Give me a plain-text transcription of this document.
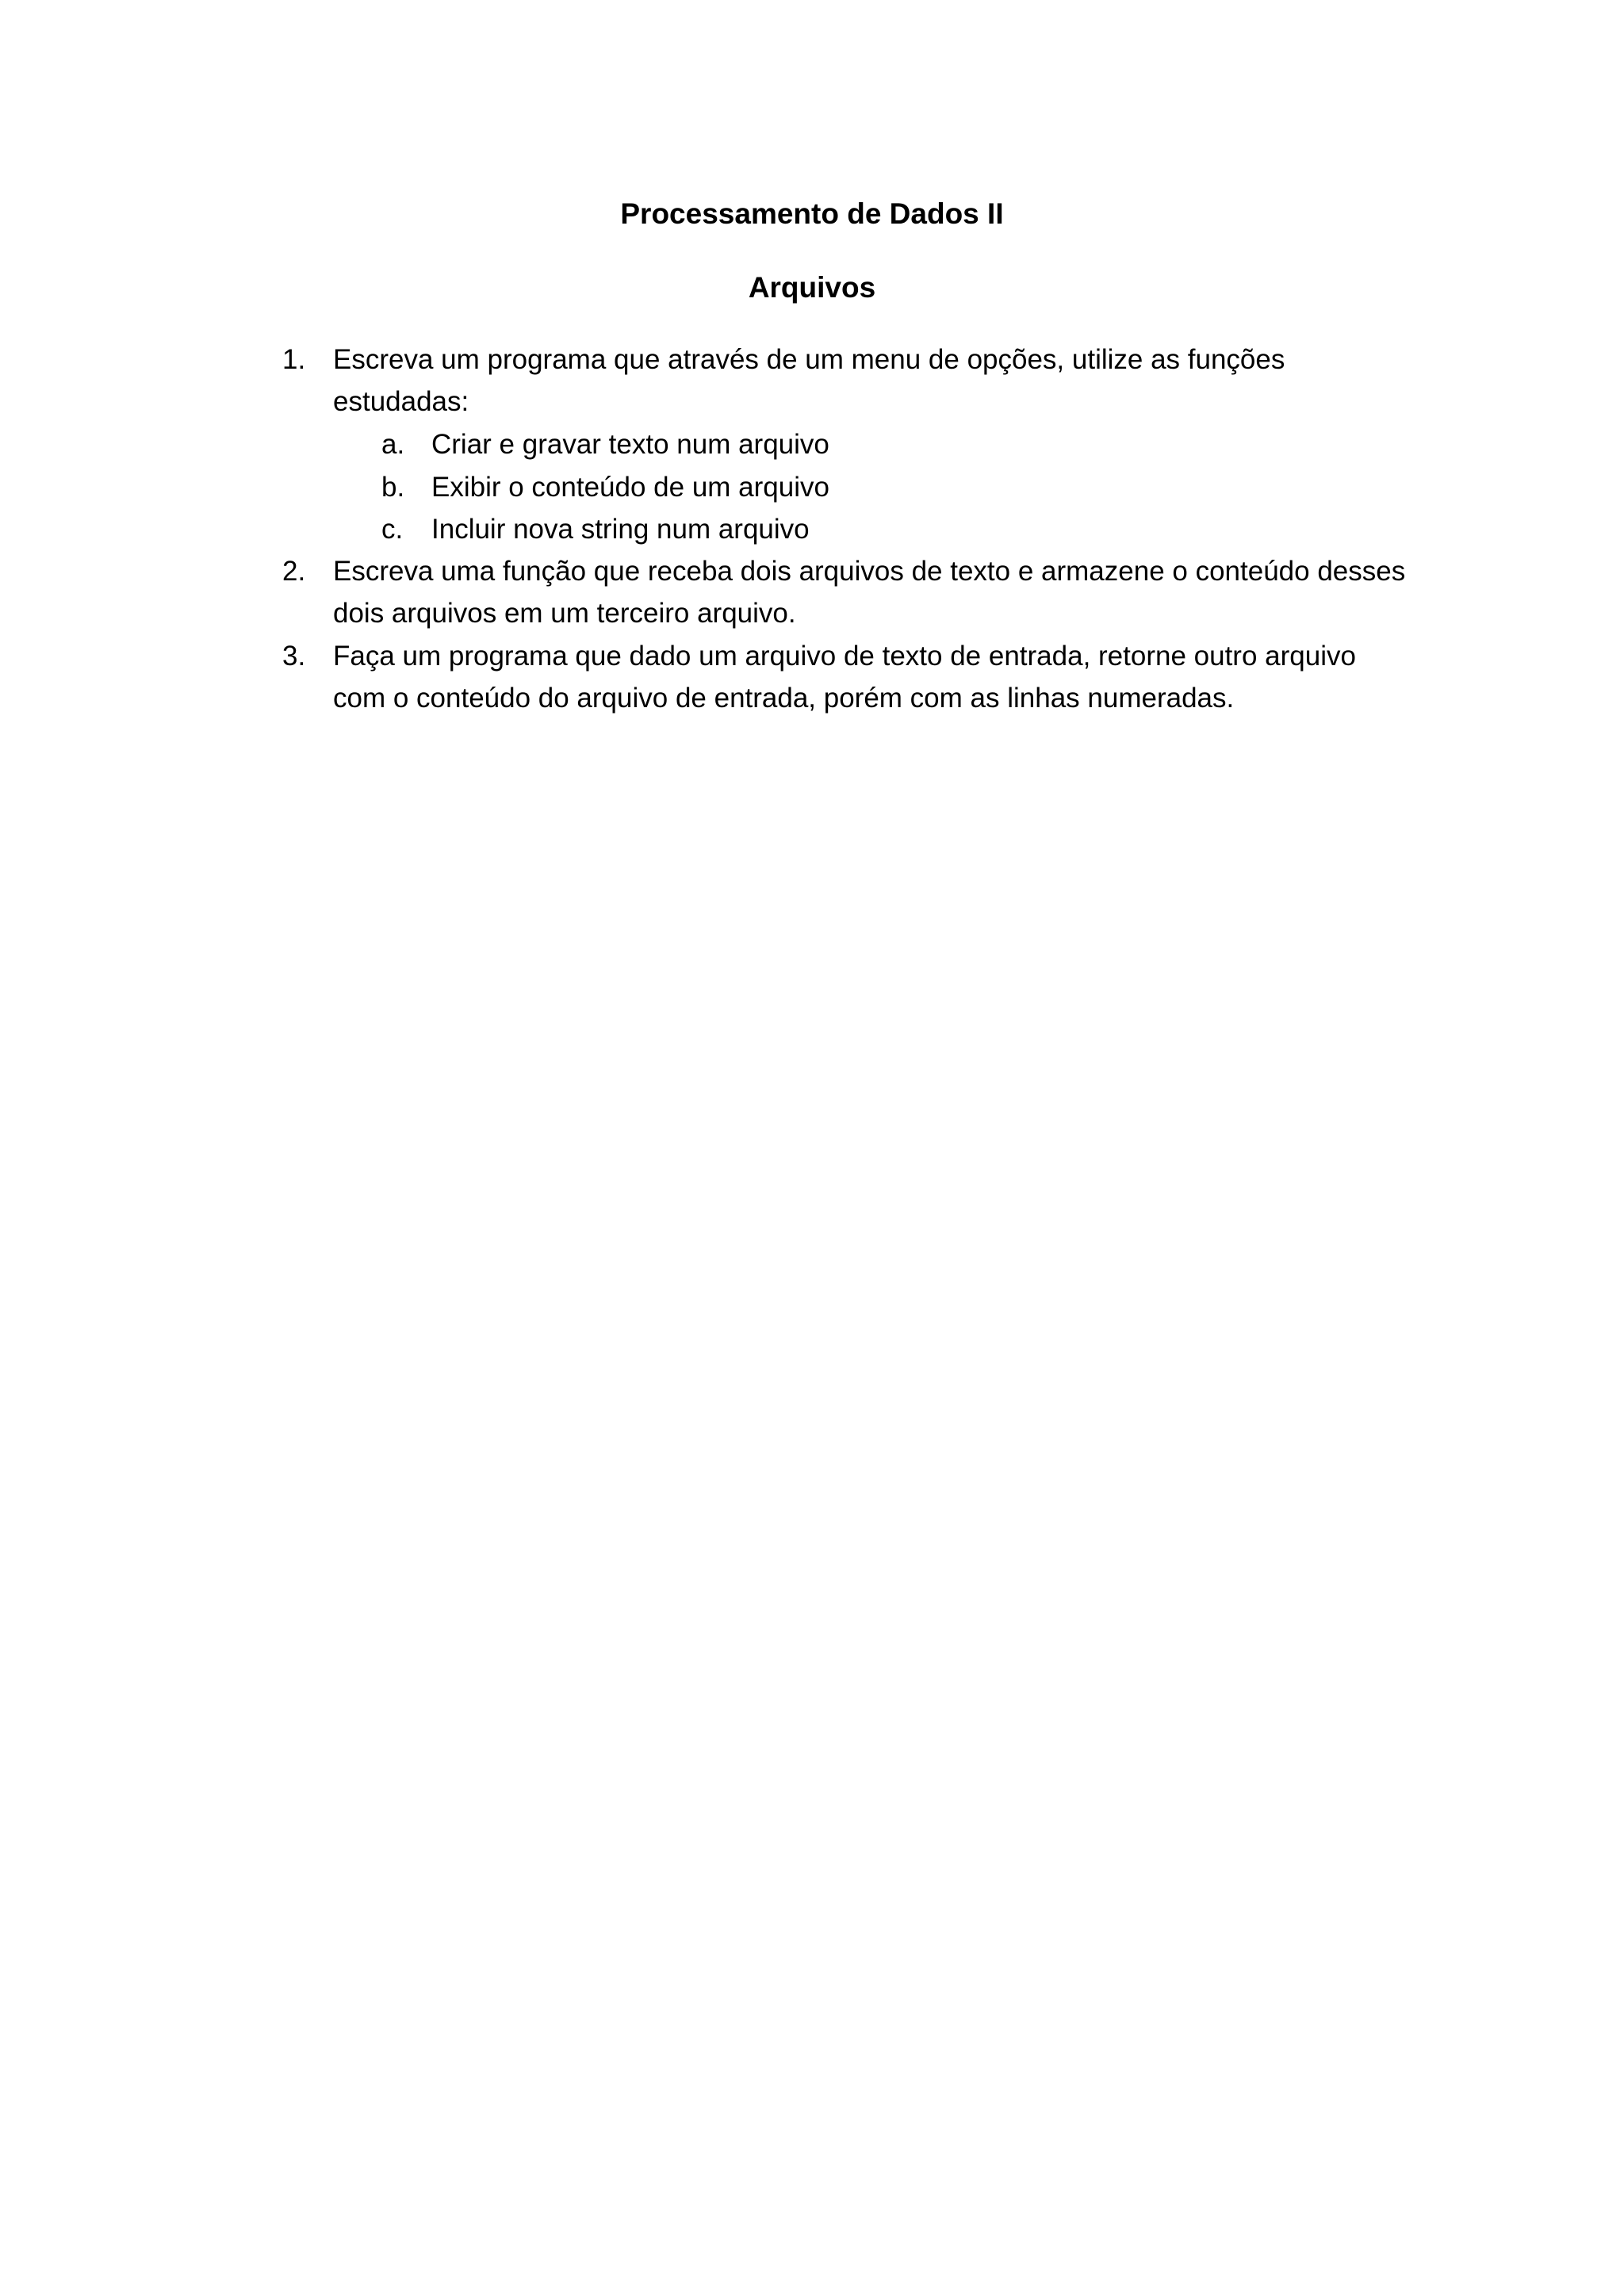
Processamento de Dados II
Arquivos
1. Escreva um programa que através de um menu de opções, utilize as funções
estudadas:
a. Criar e gravar texto num arquivo
b. Exibir o conteúdo de um arquivo
c. Incluir nova string num arquivo
2. Escreva uma função que receba dois arquivos de texto e armazene o conteúdo desses
dois arquivos em um terceiro arquivo.
3. Faça um programa que dado um arquivo de texto de entrada, retorne outro arquivo
com o conteúdo do arquivo de entrada, porém com as linhas numeradas.
